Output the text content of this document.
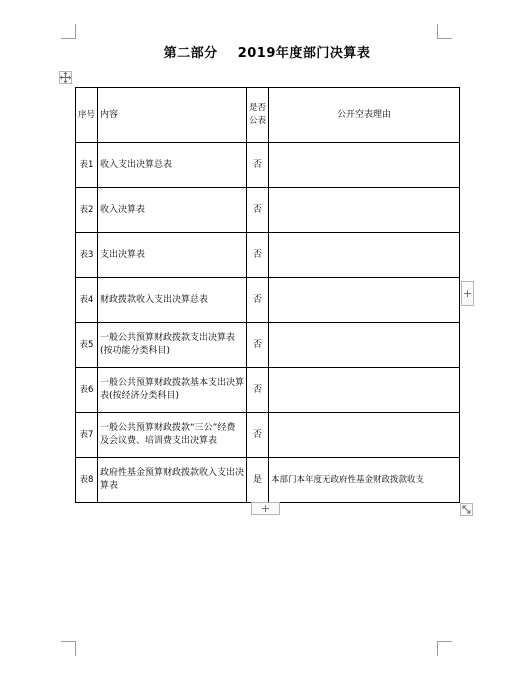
第二部分    2019年度部门决算表
序号	内容	是否公表	公开空表理由
表1	收入支出决算总表	否	
表2	收入决算表	否	
表3	支出决算表	否	
表4	财政拨款收入支出决算总表	否	
表5	一般公共预算财政拨款支出决算表 (按功能分类科目)	否	
表6	一般公共预算财政拨款基本支出决算表(按经济分类科目)	否	
表7	一般公共预算财政拨款“三公”经费及会议费、培训费支出决算表	否	
表8	政府性基金预算财政拨款收入支出决算表	是	本部门本年度无政府性基金财政拨款收支
+
+
